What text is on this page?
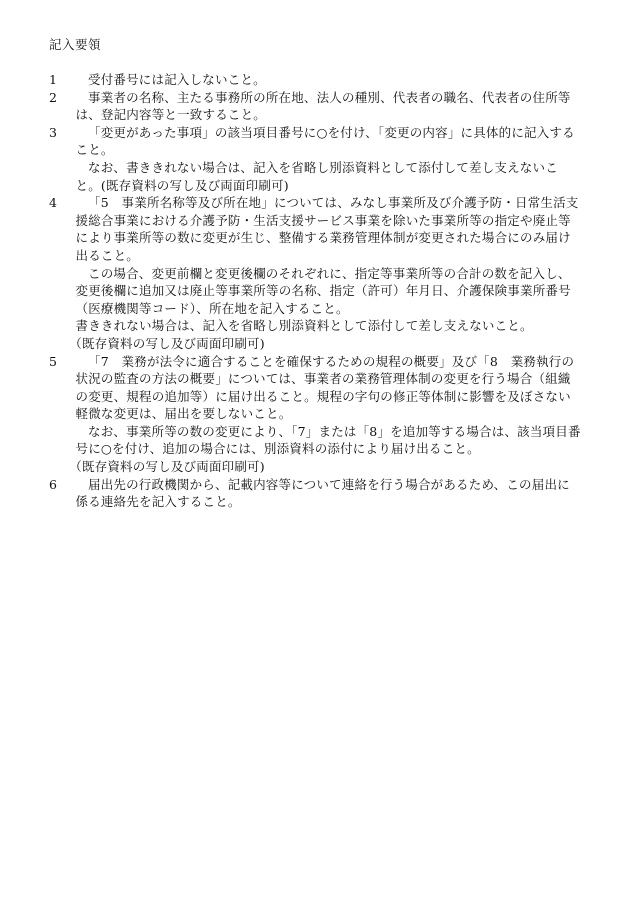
記入要領
1	受付番号には記入しないこと。

2	事業者の名称、主たる事務所の所在地、法人の種別、代表者の職名、代表者の住所等は、登記内容等と一致すること。

3	「変更があった事項」の該当項目番号に○を付け、「変更の内容」に具体的に記入すること。

なお、書ききれない場合は、記入を省略し別添資料として添付して差し支えないこと。(既存資料の写し及び両面印刷可)

4	「5　事業所名称等及び所在地」については、みなし事業所及び介護予防・日常生活支援総合事業における介護予防・生活支援サービス事業を除いた事業所等の指定や廃止等により事業所等の数に変更が生じ、整備する業務管理体制が変更された場合にのみ届け出ること。

この場合、変更前欄と変更後欄のそれぞれに、指定等事業所等の合計の数を記入し、変更後欄に追加又は廃止等事業所等の名称、指定（許可）年月日、介護保険事業所番号（医療機関等コード）、所在地を記入すること。

書ききれない場合は、記入を省略し別添資料として添付して差し支えないこと。

（既存資料の写し及び両面印刷可)

5	「7　業務が法令に適合することを確保するための規程の概要」及び「8　業務執行の状況の監査の方法の概要」については、事業者の業務管理体制の変更を行う場合（組織の変更、規程の追加等）に届け出ること。規程の字句の修正等体制に影響を及ぼさない軽微な変更は、届出を要しないこと。

なお、事業所等の数の変更により、「7」または「8」を追加等する場合は、該当項目番号に○を付け、追加の場合には、別添資料の添付により届け出ること。

（既存資料の写し及び両面印刷可)

6	届出先の行政機関から、記載内容等について連絡を行う場合があるため、この届出に係る連絡先を記入すること。
